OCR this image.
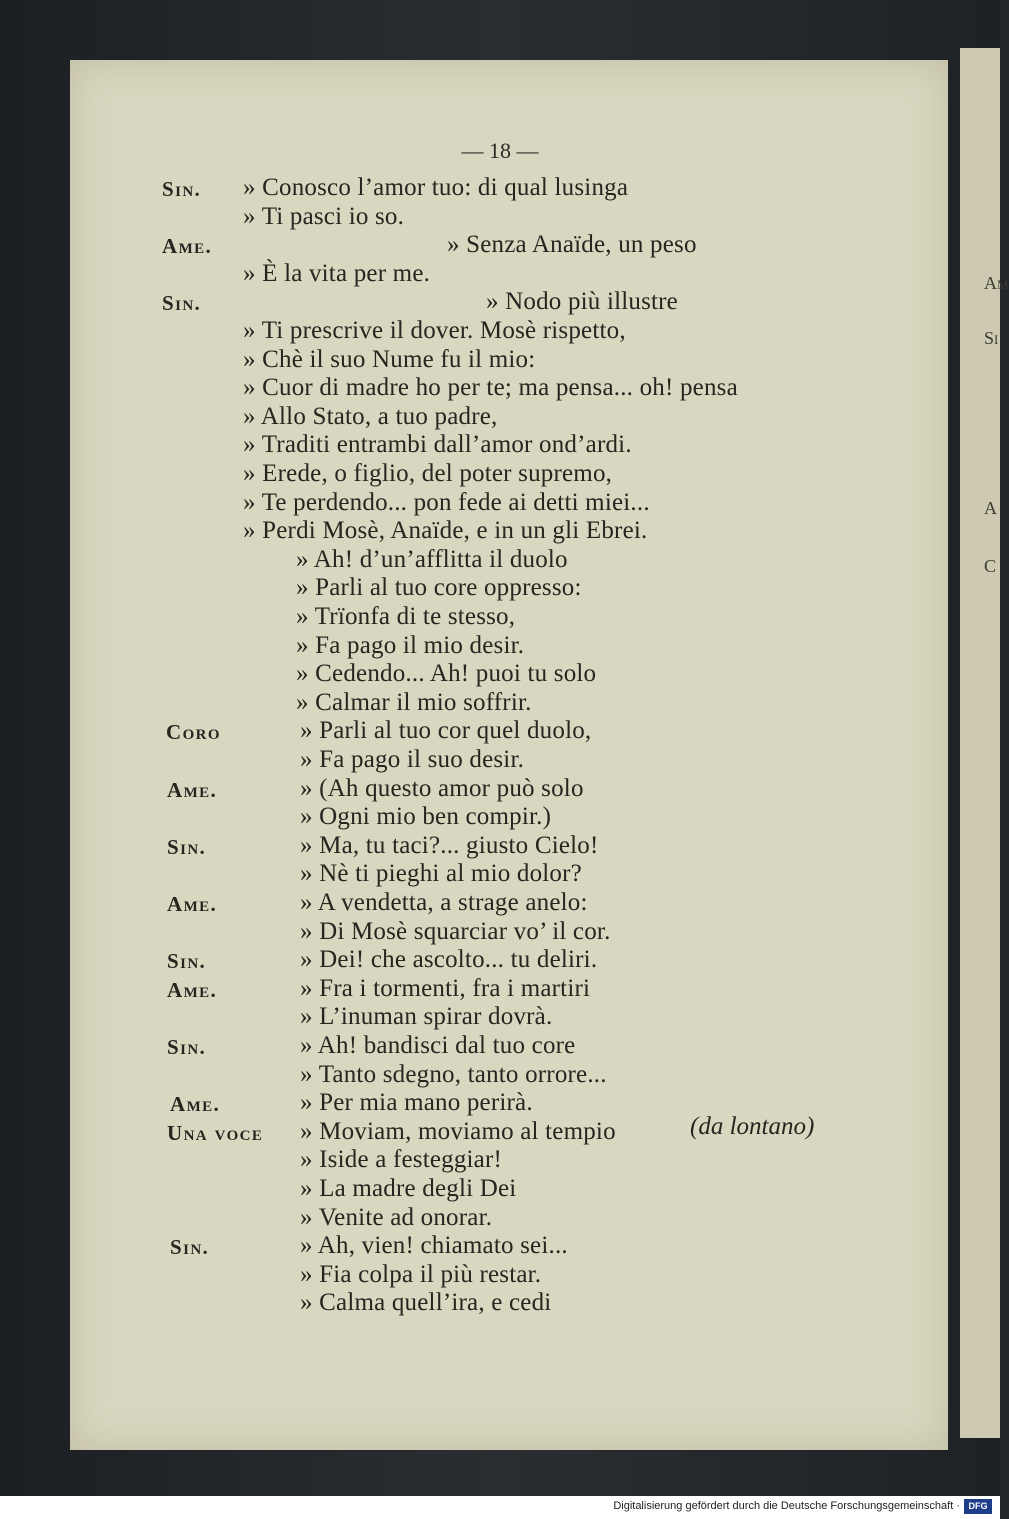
Am
Si
A
C
— 18 —
Sin. » Conosco l’amor tuo: di qual lusinga
» Ti pasci io so.
Ame.	» Senza Anaïde, un peso
» È la vita per me.
Sin.	» Nodo più illustre
» Ti prescrive il dover. Mosè rispetto,
» Chè il suo Nume fu il mio:
» Cuor di madre ho per te; ma pensa... oh! pensa
» Allo Stato, a tuo padre,
» Traditi entrambi dall’amor ond’ardi.
» Erede, o figlio, del poter supremo,
» Te perdendo... pon fede ai detti miei...
» Perdi Mosè, Anaïde, e in un gli Ebrei.
» Ah! d’un’afflitta il duolo
» Parli al tuo core oppresso:
» Trïonfa di te stesso,
» Fa pago il mio desir.
» Cedendo... Ah! puoi tu solo
» Calmar il mio soffrir.
Coro	» Parli al tuo cor quel duolo,
» Fa pago il suo desir.
Ame.	» (Ah questo amor può solo
» Ogni mio ben compir.)
Sin.	» Ma, tu taci?... giusto Cielo!
» Nè ti pieghi al mio dolor?
Ame.	» A vendetta, a strage anelo:
» Di Mosè squarciar vo’ il cor.
Sin.	» Dei! che ascolto... tu deliri.
Ame.	» Fra i tormenti, fra i martiri
» L’inuman spirar dovrà.
Sin.	» Ah! bandisci dal tuo core
» Tanto sdegno, tanto orrore...
Ame.	» Per mia mano perirà.
Una voce » Moviam, moviamo al tempio
» Iside a festeggiar!
» La madre degli Dei
» Venite ad onorar.
Sin.	» Ah, vien! chiamato sei...
» Fia colpa il più restar.
» Calma quell’ira, e cedi
(da lontano)
Digitalisierung gefördert durch die Deutsche Forschungsgemeinschaft · DFG
